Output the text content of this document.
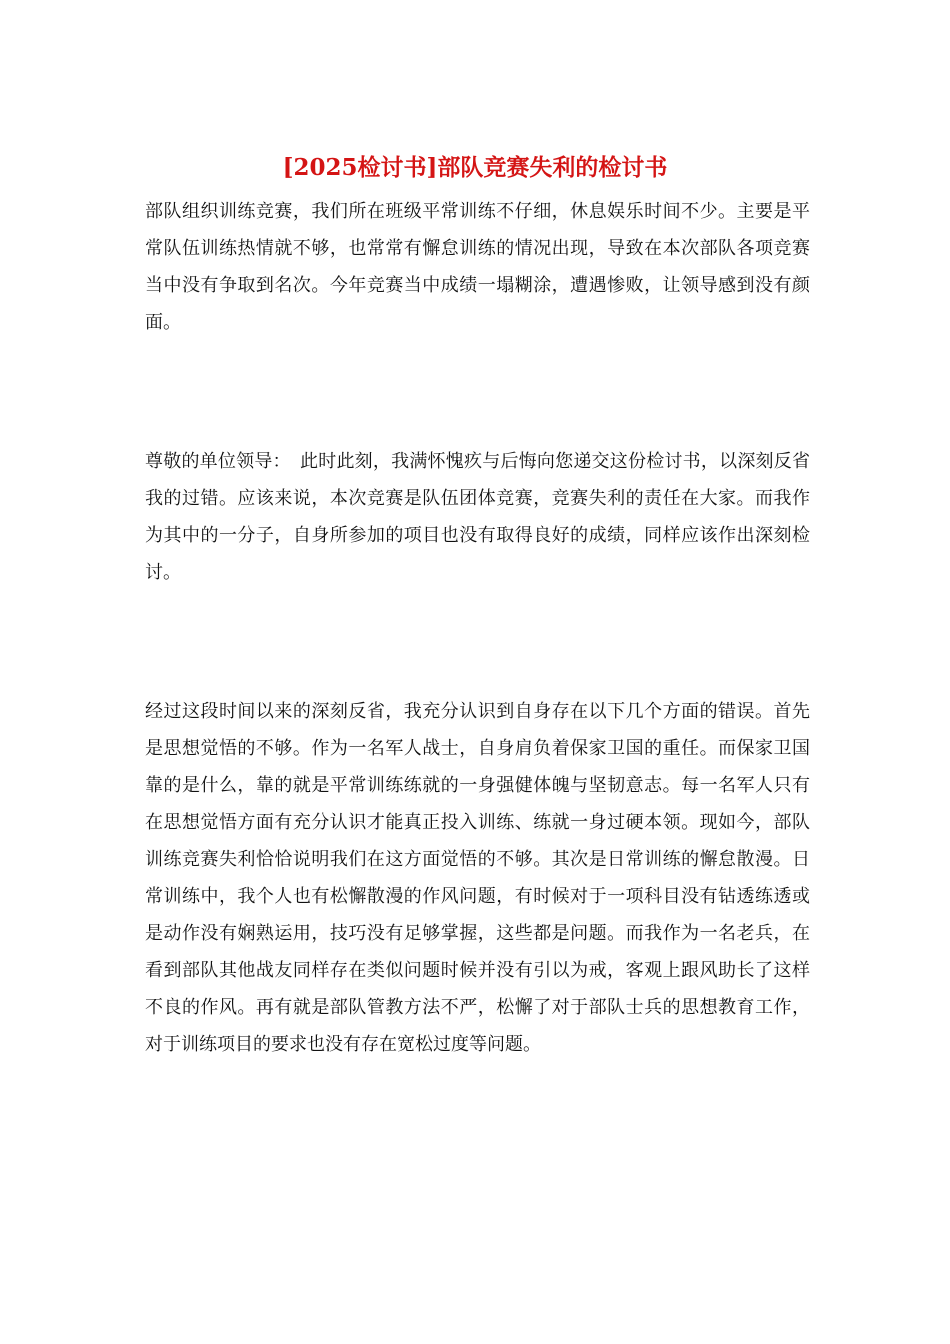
[2025检讨书]部队竞赛失利的检讨书

部队组织训练竞赛，我们所在班级平常训练不仔细，休息娱乐时间不少。主要是平常队伍训练热情就不够，也常常有懈怠训练的情况出现，导致在本次部队各项竞赛当中没有争取到名次。今年竞赛当中成绩一塌糊涂，遭遇惨败，让领导感到没有颜面。

尊敬的单位领导：　此时此刻，我满怀愧疚与后悔向您递交这份检讨书，以深刻反省我的过错。应该来说，本次竞赛是队伍团体竞赛，竞赛失利的责任在大家。而我作为其中的一分子，自身所参加的项目也没有取得良好的成绩，同样应该作出深刻检讨。

经过这段时间以来的深刻反省，我充分认识到自身存在以下几个方面的错误。首先是思想觉悟的不够。作为一名军人战士，自身肩负着保家卫国的重任。而保家卫国靠的是什么，靠的就是平常训练练就的一身强健体魄与坚韧意志。每一名军人只有在思想觉悟方面有充分认识才能真正投入训练、练就一身过硬本领。现如今，部队训练竞赛失利恰恰说明我们在这方面觉悟的不够。其次是日常训练的懈怠散漫。日常训练中，我个人也有松懈散漫的作风问题，有时候对于一项科目没有钻透练透或是动作没有娴熟运用，技巧没有足够掌握，这些都是问题。而我作为一名老兵，在看到部队其他战友同样存在类似问题时候并没有引以为戒，客观上跟风助长了这样不良的作风。再有就是部队管教方法不严，松懈了对于部队士兵的思想教育工作，对于训练项目的要求也没有存在宽松过度等问题。
